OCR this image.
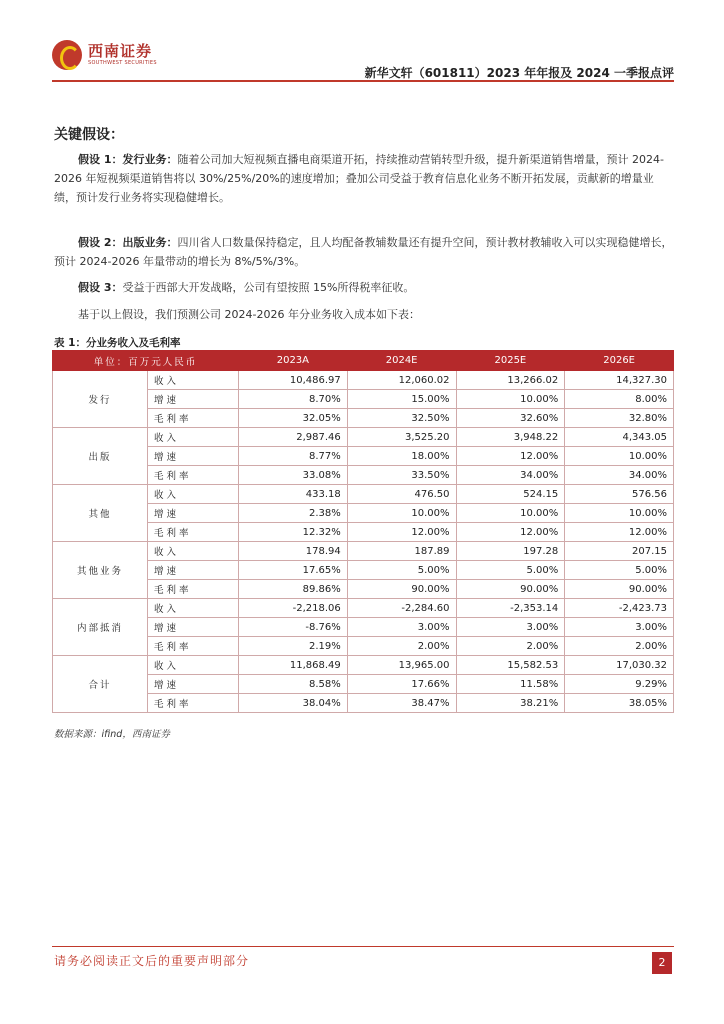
西南证券
SOUTHWEST SECURITIES
新华文轩（601811）2023 年年报及 2024 一季报点评
关键假设：

假设 1：发行业务：随着公司加大短视频直播电商渠道开拓，持续推动营销转型升级，提升新渠道销售增量，预计 2024-2026 年短视频渠道销售将以 30%/25%/20%的速度增加；叠加公司受益于教育信息化业务不断开拓发展，贡献新的增量业绩，预计发行业务将实现稳健增长。

假设 2：出版业务：四川省人口数量保持稳定，且人均配备教辅数量还有提升空间，预计教材教辅收入可以实现稳健增长，预计 2024-2026 年量带动的增长为 8%/5%/3%。

假设 3：受益于西部大开发战略，公司有望按照 15%所得税率征收。

基于以上假设，我们预测公司 2024-2026 年分业务收入成本如下表：

表 1：分业务收入及毛利率
单位：百万元人民币		2023A	2024E	2025E	2026E
发行	收入	10,486.97	12,060.02	13,266.02	14,327.30
	增速	8.70%	15.00%	10.00%	8.00%
	毛利率	32.05%	32.50%	32.60%	32.80%
出版	收入	2,987.46	3,525.20	3,948.22	4,343.05
	增速	8.77%	18.00%	12.00%	10.00%
	毛利率	33.08%	33.50%	34.00%	34.00%
其他	收入	433.18	476.50	524.15	576.56
	增速	2.38%	10.00%	10.00%	10.00%
	毛利率	12.32%	12.00%	12.00%	12.00%
其他业务	收入	178.94	187.89	197.28	207.15
	增速	17.65%	5.00%	5.00%	5.00%
	毛利率	89.86%	90.00%	90.00%	90.00%
内部抵消	收入	-2,218.06	-2,284.60	-2,353.14	-2,423.73
	增速	-8.76%	3.00%	3.00%	3.00%
	毛利率	2.19%	2.00%	2.00%	2.00%
合计	收入	11,868.49	13,965.00	15,582.53	17,030.32
	增速	8.58%	17.66%	11.58%	9.29%
	毛利率	38.04%	38.47%	38.21%	38.05%
数据来源：ifind，西南证券
请务必阅读正文后的重要声明部分	2
